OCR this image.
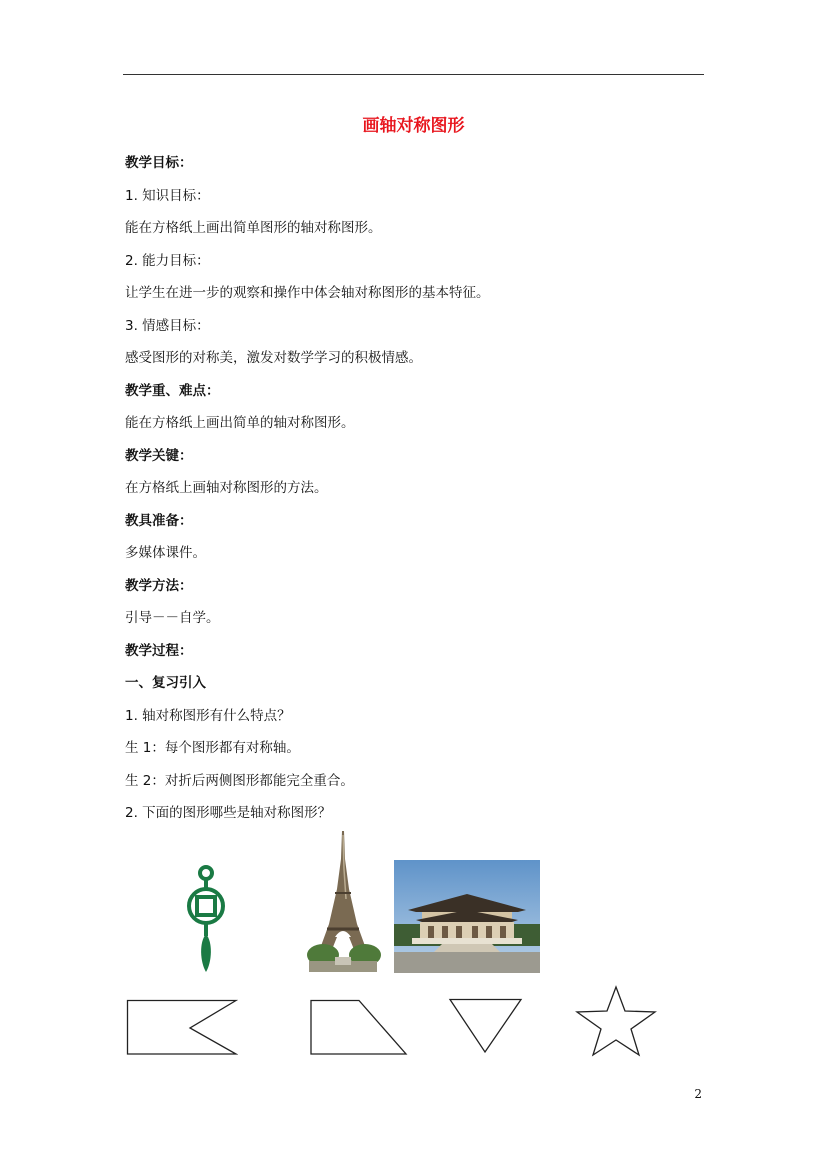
画轴对称图形
教学目标：
1. 知识目标：
能在方格纸上画出简单图形的轴对称图形。
2. 能力目标：
让学生在进一步的观察和操作中体会轴对称图形的基本特征。
3. 情感目标：
感受图形的对称美，激发对数学学习的积极情感。
教学重、难点：
能在方格纸上画出简单的轴对称图形。
教学关键：
在方格纸上画轴对称图形的方法。
教具准备：
多媒体课件。
教学方法：
引导－－自学。
教学过程：
一、复习引入
1. 轴对称图形有什么特点？
生 1：每个图形都有对称轴。
生 2：对折后两侧图形都能完全重合。
2. 下面的图形哪些是轴对称图形？
2
